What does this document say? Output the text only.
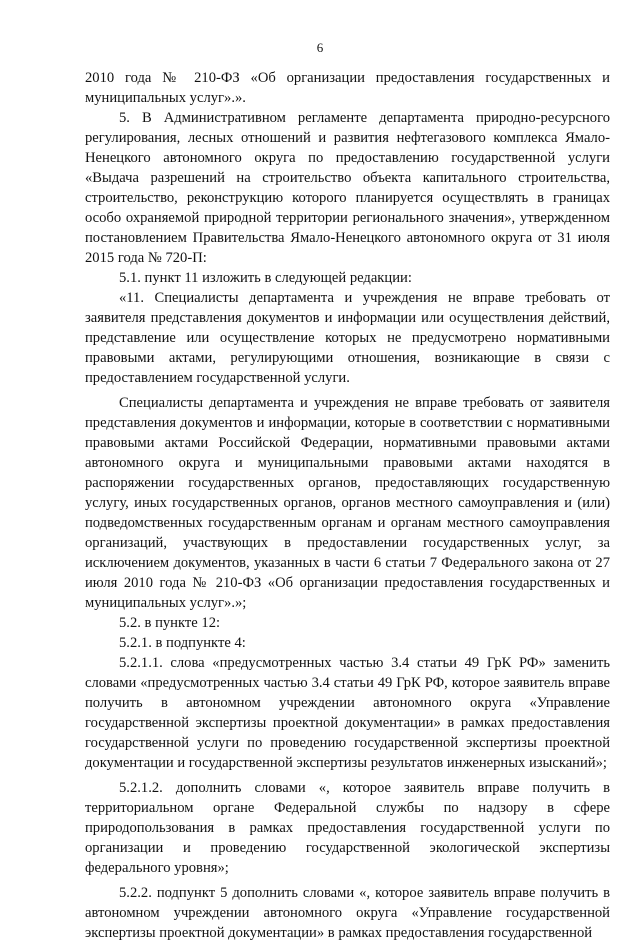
6

2010 года № 210-ФЗ «Об организации предоставления государственных и муниципальных услуг».».

5. В Административном регламенте департамента природно-ресурсного регулирования, лесных отношений и развития нефтегазового комплекса Ямало-Ненецкого автономного округа по предоставлению государственной услуги «Выдача разрешений на строительство объекта капитального строительства, строительство, реконструкцию которого планируется осуществлять в границах особо охраняемой природной территории регионального значения», утвержденном постановлением Правительства Ямало-Ненецкого автономного округа от 31 июля 2015 года № 720-П:

5.1. пункт 11 изложить в следующей редакции:

«11. Специалисты департамента и учреждения не вправе требовать от заявителя представления документов и информации или осуществления действий, представление или осуществление которых не предусмотрено нормативными правовыми актами, регулирующими отношения, возникающие в связи с предоставлением государственной услуги.

Специалисты департамента и учреждения не вправе требовать от заявителя представления документов и информации, которые в соответствии с нормативными правовыми актами Российской Федерации, нормативными правовыми актами автономного округа и муниципальными правовыми актами находятся в распоряжении государственных органов, предоставляющих государственную услугу, иных государственных органов, органов местного самоуправления и (или) подведомственных государственным органам и органам местного самоуправления организаций, участвующих в предоставлении государственных услуг, за исключением документов, указанных в части 6 статьи 7 Федерального закона от 27 июля 2010 года № 210-ФЗ «Об организации предоставления государственных и муниципальных услуг».»;

5.2. в пункте 12:

5.2.1. в подпункте 4:

5.2.1.1. слова «предусмотренных частью 3.4 статьи 49 ГрК РФ» заменить словами «предусмотренных частью 3.4 статьи 49 ГрК РФ, которое заявитель вправе получить в автономном учреждении автономного округа «Управление государственной экспертизы проектной документации» в рамках предоставления государственной услуги по проведению государственной экспертизы проектной документации и государственной экспертизы результатов инженерных изысканий»;

5.2.1.2. дополнить словами «, которое заявитель вправе получить в территориальном органе Федеральной службы по надзору в сфере природопользования в рамках предоставления государственной услуги по организации и проведению государственной экологической экспертизы федерального уровня»;

5.2.2. подпункт 5 дополнить словами «, которое заявитель вправе получить в автономном учреждении автономного округа «Управление государственной экспертизы проектной документации» в рамках предоставления государственной
